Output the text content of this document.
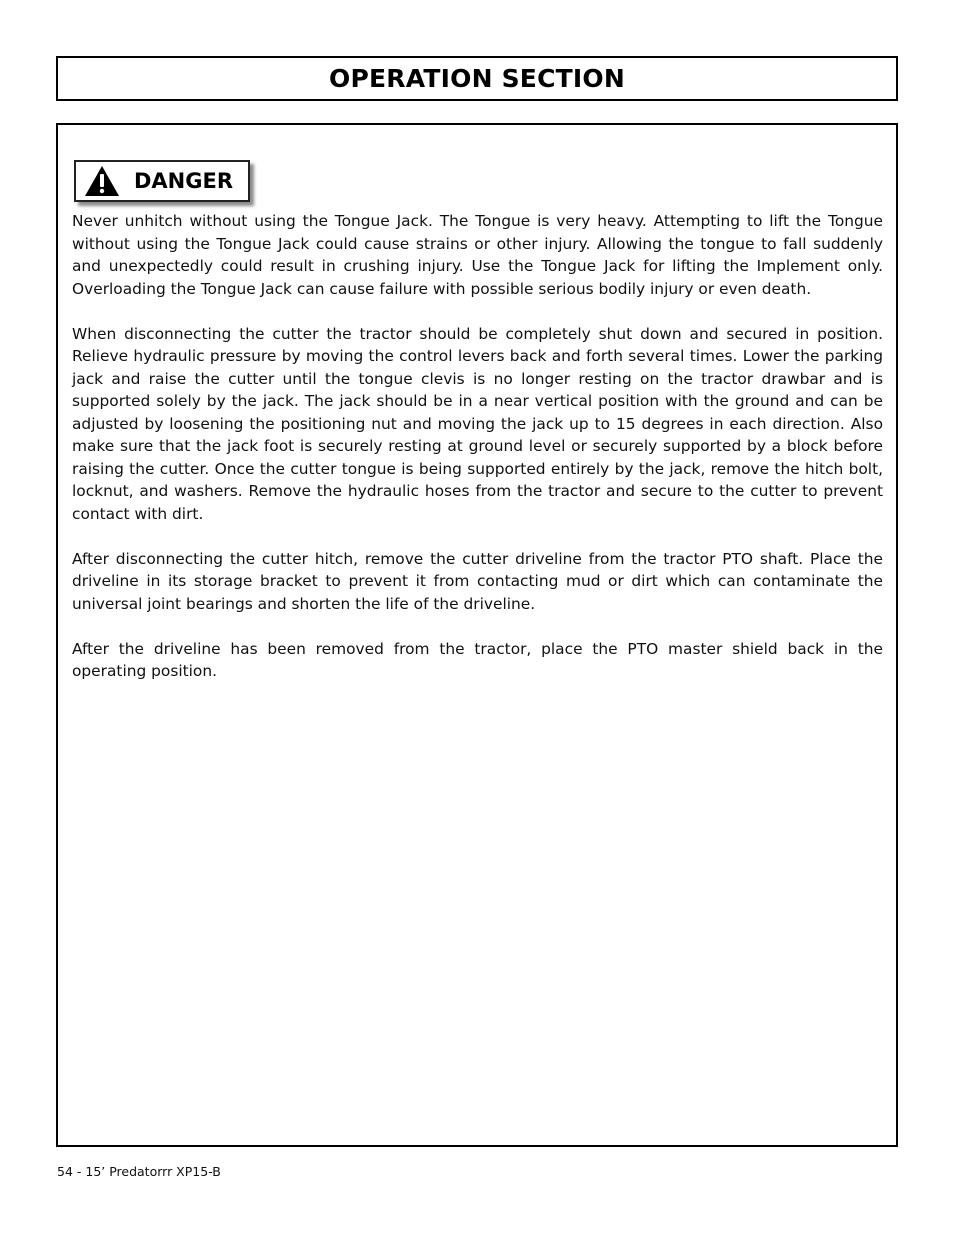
OPERATION SECTION
DANGER

Never unhitch without using the Tongue Jack. The Tongue is very heavy. Attempting to lift the Tongue without using the Tongue Jack could cause strains or other injury. Allowing the tongue to fall suddenly and unexpectedly could result in crushing injury. Use the Tongue Jack for lifting the Implement only. Overloading the Tongue Jack can cause failure with possible serious bodily injury or even death.

When disconnecting the cutter the tractor should be completely shut down and secured in position. Relieve hydraulic pressure by moving the control levers back and forth several times. Lower the parking jack and raise the cutter until the tongue clevis is no longer resting on the tractor drawbar and is supported solely by the jack. The jack should be in a near vertical position with the ground and can be adjusted by loosening the positioning nut and moving the jack up to 15 degrees in each direction. Also make sure that the jack foot is securely resting at ground level or securely supported by a block before raising the cutter. Once the cutter tongue is being supported entirely by the jack, remove the hitch bolt, locknut, and washers. Remove the hydraulic hoses from the tractor and secure to the cutter to prevent contact with dirt.

After disconnecting the cutter hitch, remove the cutter driveline from the tractor PTO shaft. Place the driveline in its storage bracket to prevent it from contacting mud or dirt which can contaminate the universal joint bearings and shorten the life of the driveline.

After the driveline has been removed from the tractor, place the PTO master shield back in the operating position.

54 - 15’ Predatorrr XP15-B
